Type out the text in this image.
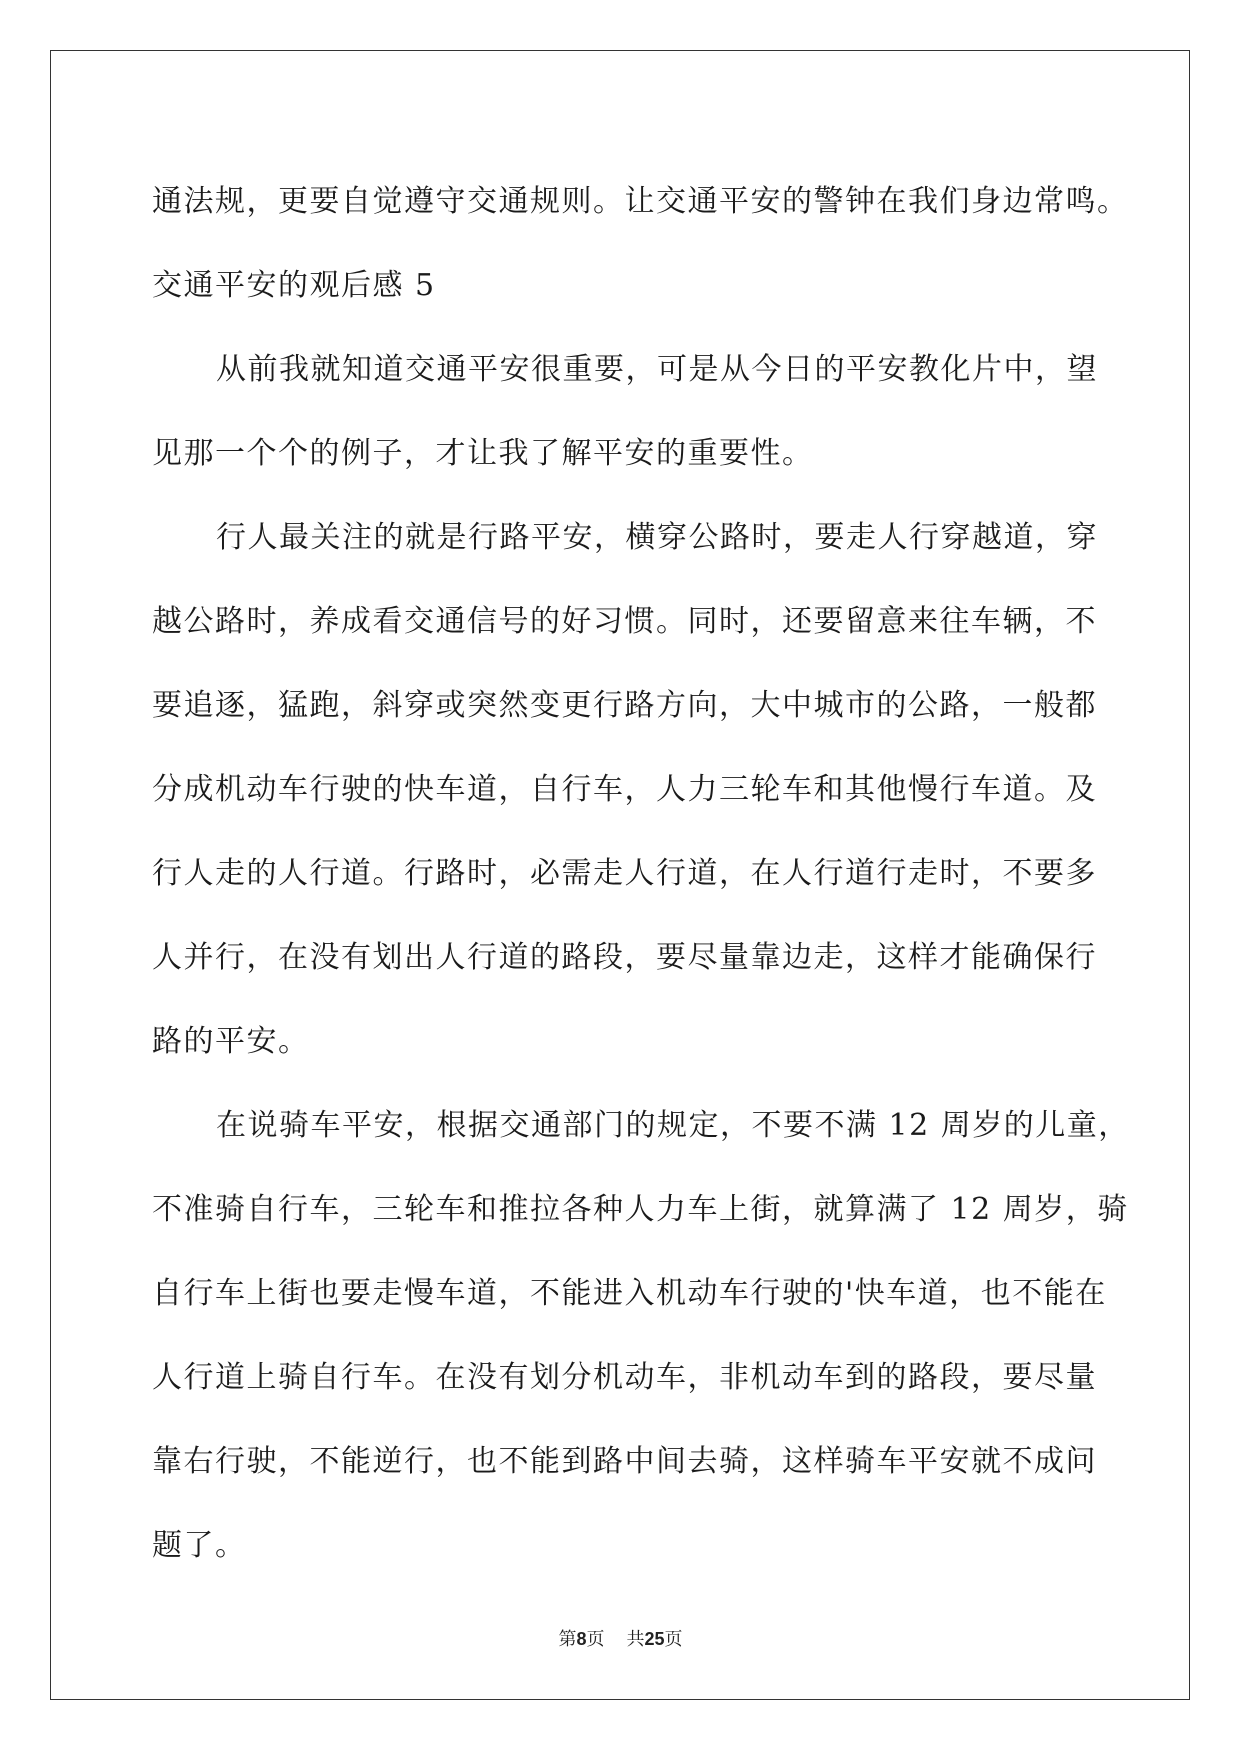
通法规，更要自觉遵守交通规则。让交通平安的警钟在我们身边常鸣。
交通平安的观后感 5
从前我就知道交通平安很重要，可是从今日的平安教化片中，望
见那一个个的例子，才让我了解平安的重要性。
行人最关注的就是行路平安，横穿公路时，要走人行穿越道，穿
越公路时，养成看交通信号的好习惯。同时，还要留意来往车辆，不
要追逐，猛跑，斜穿或突然变更行路方向，大中城市的公路，一般都
分成机动车行驶的快车道，自行车，人力三轮车和其他慢行车道。及
行人走的人行道。行路时，必需走人行道，在人行道行走时，不要多
人并行，在没有划出人行道的路段，要尽量靠边走，这样才能确保行
路的平安。
在说骑车平安，根据交通部门的规定，不要不满 12 周岁的儿童，
不准骑自行车，三轮车和推拉各种人力车上街，就算满了 12 周岁，骑
自行车上街也要走慢车道，不能进入机动车行驶的'快车道，也不能在
人行道上骑自行车。在没有划分机动车，非机动车到的路段，要尽量
靠右行驶，不能逆行，也不能到路中间去骑，这样骑车平安就不成问
题了。
第8页 共25页
